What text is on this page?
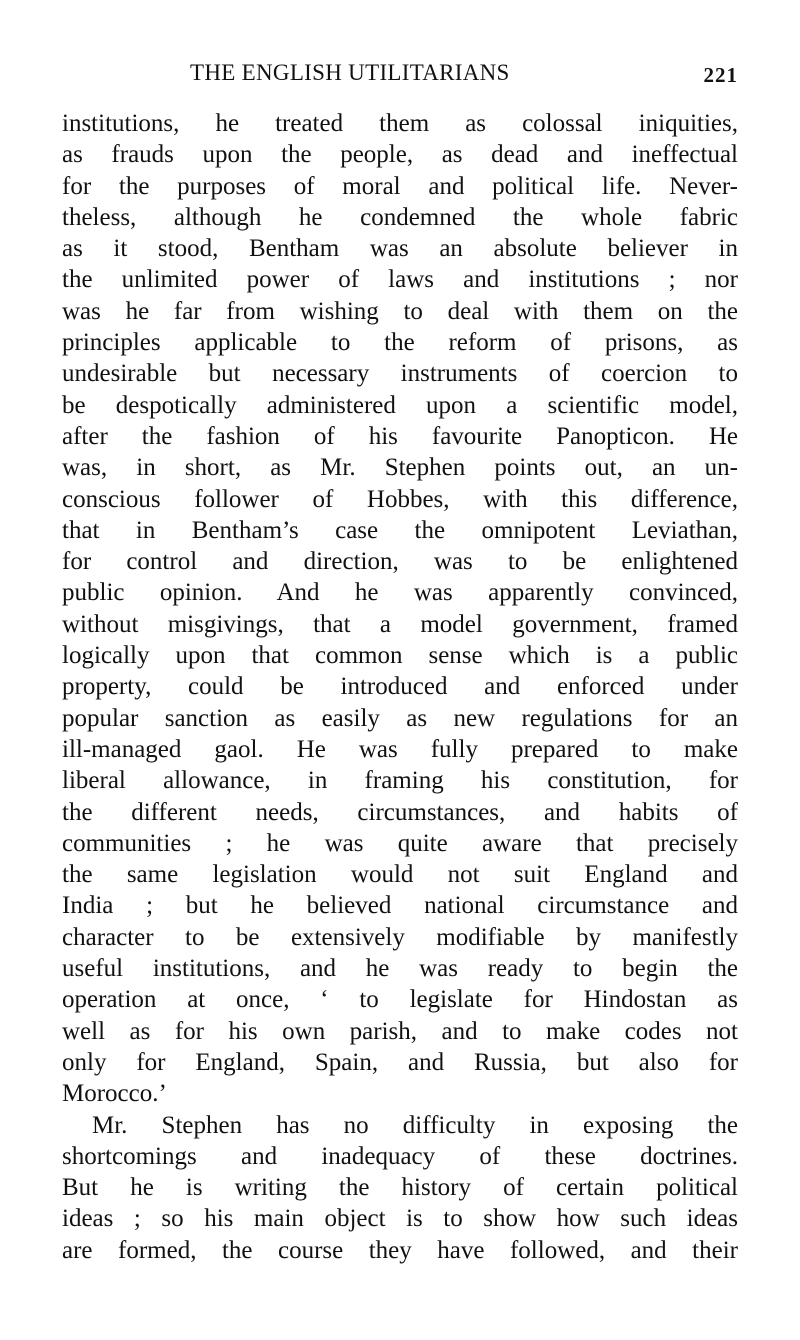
THE ENGLISH UTILITARIANS	221
institutions, he treated them as colossal iniquities,
as frauds upon the people, as dead and ineffectual
for the purposes of moral and political life. Never-
theless, although he condemned the whole fabric
as it stood, Bentham was an absolute believer in
the unlimited power of laws and institutions ; nor
was he far from wishing to deal with them on the
principles applicable to the reform of prisons, as
undesirable but necessary instruments of coercion to
be despotically administered upon a scientific model,
after the fashion of his favourite Panopticon. He
was, in short, as Mr. Stephen points out, an un-
conscious follower of Hobbes, with this difference,
that in Bentham’s case the omnipotent Leviathan,
for control and direction, was to be enlightened
public opinion. And he was apparently convinced,
without misgivings, that a model government, framed
logically upon that common sense which is a public
property, could be introduced and enforced under
popular sanction as easily as new regulations for an
ill-managed gaol. He was fully prepared to make
liberal allowance, in framing his constitution, for
the different needs, circumstances, and habits of
communities ; he was quite aware that precisely
the same legislation would not suit England and
India ; but he believed national circumstance and
character to be extensively modifiable by manifestly
useful institutions, and he was ready to begin the
operation at once, ‘ to legislate for Hindostan as
well as for his own parish, and to make codes not
only for England, Spain, and Russia, but also for
Morocco.’
Mr. Stephen has no difficulty in exposing the
shortcomings and inadequacy of these doctrines.
But he is writing the history of certain political
ideas ; so his main object is to show how such ideas
are formed, the course they have followed, and their
